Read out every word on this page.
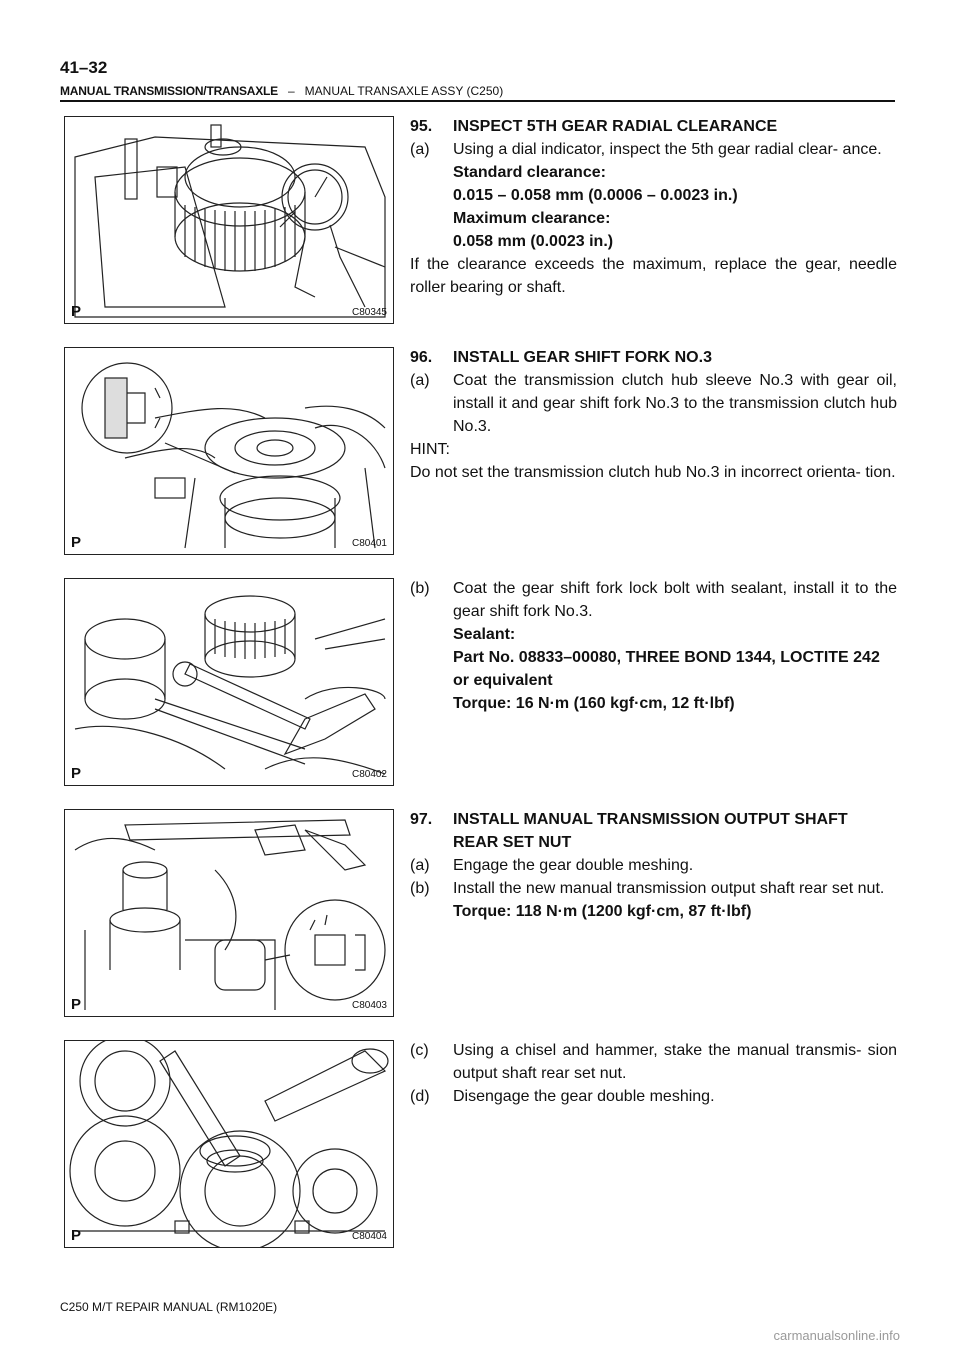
41–32
MANUAL TRANSMISSION/TRANSAXLE – MANUAL TRANSAXLE ASSY (C250)
P	C80345
P	C80401
P	C80402
P	C80403
P	C80404
95.	INSPECT 5TH GEAR RADIAL CLEARANCE
(a)	Using a dial indicator, inspect the 5th gear radial clear- ance.
Standard clearance:
0.015 – 0.058 mm (0.0006 – 0.0023 in.)
Maximum clearance:
0.058 mm (0.0023 in.)
If the clearance exceeds the maximum, replace the gear, needle roller bearing or shaft.
96.	INSTALL GEAR SHIFT FORK NO.3
(a)	Coat the transmission clutch hub sleeve No.3 with gear oil, install it and gear shift fork No.3 to the transmission clutch hub No.3.
HINT:
Do not set the transmission clutch hub No.3 in incorrect orienta- tion.
(b)	Coat the gear shift fork lock bolt with sealant, install it to the gear shift fork No.3.
Sealant:
Part No. 08833–00080, THREE BOND 1344, LOCTITE 242 or equivalent
Torque: 16 N·m (160 kgf·cm, 12 ft·lbf)
97.	INSTALL MANUAL TRANSMISSION OUTPUT SHAFT REAR SET NUT
(a)	Engage the gear double meshing.
(b)	Install the new manual transmission output shaft rear set nut.
Torque: 118 N·m (1200 kgf·cm, 87 ft·lbf)
(c)	Using a chisel and hammer, stake the manual transmis- sion output shaft rear set nut.
(d)	Disengage the gear double meshing.
C250 M/T REPAIR MANUAL (RM1020E)
carmanualsonline.info
